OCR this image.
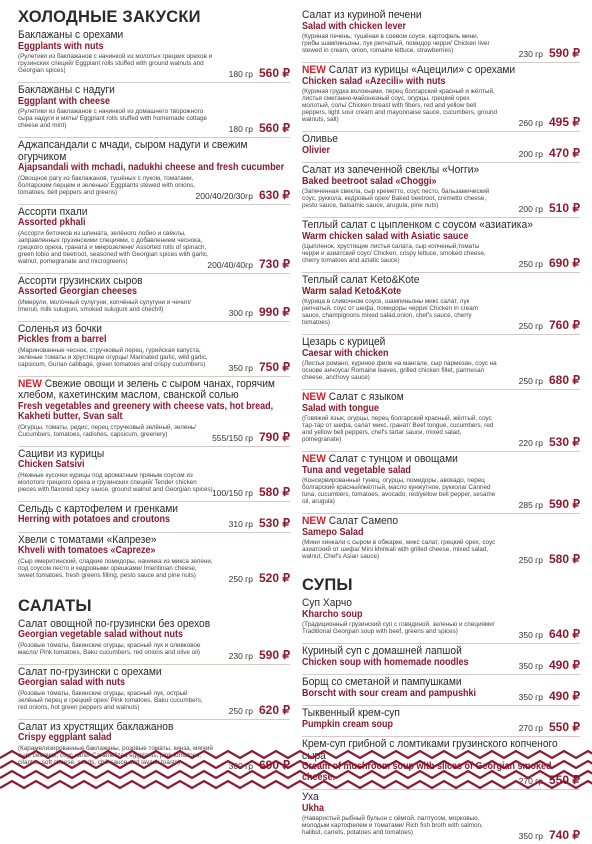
ХОЛОДНЫЕ ЗАКУСКИ
Баклажаны с орехами
Eggplants with nuts
(Рулетики из баклажанов с начинкой из молотых грецких орехов и грузинских специй/ Eggplant rolls stuffed with ground walnuts and Georgian spices)	180 гр 560 ₽
Баклажаны с надуги
Eggplant with cheese
(Рулетики из баклажанов с начинкой из домашнего творожного сыра надуги и мяты/ Eggplant rolls stuffed with homemade cottage cheese and mint)	180 гр 560 ₽
Аджапсандали с мчади, сыром надуги и свежим огурчиком
Ajapsandali with mchadi, nadukhi cheese and fresh cucumber
(Овощное рагу из баклажанов, тушёных с луком, томатами, болгарским перцем и зеленью/ Eggplants stewed with onions, tomatoes, bell peppers and greens)	200/40/20/30гр 630 ₽
Ассорти пхали
Assorted pkhali
(Ассорти биточков из шпината, зелёного лобио и свёклы, заправленных грузинскими специями, с добавлением чеснока, грецкого ореха, граната и микрозелени/ Assorted rolls of spinach, green lobio and beetroot, seasoned with Georgian spices with garlic, walnut, pomegranate and microgreens)	200/40/40гр 730 ₽
Ассорти грузинских сыров
Assorted Georgian cheeses
(Имерули, молочный сулугуни, копчёный сулугуни и чечил/ Imeruli, milk suluguni, smoked suluguni and chechil)	300 гр 990 ₽
Соленья из бочки
Pickles from a barrel
(Маринованные чеснок, стручковый перец, гурийская капуста, зелёные томаты и хрустящие огурцы/ Marinated garlic, wild garlic, capsicum, Gurian cabbage, green tomatoes and crispy cucumbers)	350 гр 750 ₽
NEW Свежие овощи и зелень с сыром чанах, горячим хлебом, кахетинским маслом, сванской солью
Fresh vegetables and greenery with cheese vats, hot bread, Kakheti butter, Svan salt
(Огурцы, томаты, редис, перец стручковый зелёный, зелень/ Cucumbers, tomatoes, radishes, capsicum, greenery)	555/150 гр 790 ₽
Сациви из курицы
Chicken Satsivi
(Нежные кусочки курицы под ароматным пряным соусом из молотого грецкого ореха и грузинских специй/ Tender chicken pieces with flavored spicy sauce, ground walnut and Georgian spices) 100/150 гр 580 ₽
Сельдь с картофелем и гренками
Herring with potatoes and croutons	310 гр 530 ₽
Хвели с томатами «Капрезе»
Khveli with tomatoes «Capreze»
(Сыр имеритинский, сладкие помидоры, начинка из микса зелени, под соусом песто и кедровыми орешками/ Imeritinian cheese, sweet tomatoes, fresh greens filling, pesto sauce and pine nuts)	250 гр 520 ₽
САЛАТЫ
Салат овощной по-грузински без орехов
Georgian vegetable salad without nuts
(Розовые томаты, бакинские огурцы, красный лук и оливковое масло/ Pink tomatoes, Baku cucumbers, red onions and olive oil)	230 гр 590 ₽
Салат по-грузински с орехами
Georgian salad with nuts
(Розовые томаты, бакинские огурцы, красный лук, острый зелёный перец и грецкий орех/ Pink tomatoes, Baku cucumbers, red onions, hot green peppers and walnuts)	250 гр 620 ₽
Салат из хрустящих баклажанов
Crispy eggplant salad
(Карамелизированные баклажаны, розовые томаты, кинза, мягкий сыр, семечки, соус чили/ Caramelized eggplants, pink tomatoes, cilantro, soft cheese, seeds, chili sauce and lavash toasts)	300 гр 690 ₽
Салат из куриной печени
Salad with chicken lever
(Куриная печень, тушёная в соевом соусе, картофель мини, грибы шампиньоны, лук репчатый, помидор черри/ Chicken liver stewed in cream, onion, romaine lettuce, strawberries)	230 гр 590 ₽
NEW Салат из курицы «Ацецили» с орехами
Chicken salad «Azecili» with nuts
(Куриная грудка волокнами, перец болгарский красный и жёлтый, листья сметанно-майонезный соус, огурцы, грецкий орех молотый, соль/ Chicken breast with fibers, red and yellow bell peppers, light sour cream and mayonnaise sauce, cucumbers, ground walnuts, salt)	260 гр 495 ₽
Оливье
Olivier	200 гр 470 ₽
Салат из запеченной свеклы «Чогги»
Baked beetroot salad «Choggi»
(Запеченная свекла, сыр креметто, соус песто, бальзамический соус, руккола, кедровый орех/ Baked beetroot, crеmetto cheese, pesto sauce, balsamic sauce, arugula, pine nuts)	200 гр 510 ₽
Теплый салат с цыпленком с соусом «азиатика»
Warm chicken salad with Asiatic sauce
(Цыпленок, хрустящие листья салата, сыр копченый,томаты черри и азиатский соус/ Chicken, crispy lettuce, smoked cheese, cherry tomatoes and aziatic sauce)	250 гр 690 ₽
Теплый салат Keto&Kote
Warm salad Keto&Kote
(Курица в сливочном соусе, шампиньоны микс салат, лук репчатый, соус от шефа, помидоры черри/ Chicken in cream sauce, champignons mixed salad,onion, chef's sauce, cherry tomatoes)	250 гр 760 ₽
Цезарь с курицей
Caesar with chicken
(Листья романо, куриное филе на мангале, сыр пармезан, соус на основе анчоуса/ Romaine leaves, grilled chicken fillet, parmesan cheese, anchovy sauce)	250 гр 680 ₽
NEW Салат с языком
Salad with tongue
(Говяжий язык, огурцы, перец болгарский красный, жёлтый, соус тар-тар от шефа, салат микс, гранат/ Beef tongue, cucumbers, red and yellow bell peppers, chef's tartar sauce, mixed salad, pomegranate)	220 гр 530 ₽
NEW Салат с тунцом и овощами
Tuna and vegetable salad
(Консервированный тунец, огурцы, помидоры, авокадо, перец болгарский красный/жёлтый, масло кунжутное, руккола/ Canned tuna, cucumbers, tomatoes, avocado, red/yellow bell pepper, sesame oil, arugula)	285 гр 590 ₽
NEW Салат Самепо
Samepo Salad
(Мини хинкали с сыром в обжарке, микс салат, грецкий орех, соус азиатский от шефа/ Mini khinkali with grilled cheese, mixed salad, walnut, Chef's Asian sauce)	250 гр 580 ₽
СУПЫ
Суп Харчо
Kharcho soup
(Традиционный грузинский суп с говядиной, зеленью и специями/ Traditional Georgian soup with beef, greens and spices)	350 гр 640 ₽
Куриный суп с домашней лапшой
Chicken soup with homemade noodles	350 гр 490 ₽
Борщ со сметаной и пампушками
Borscht with sour cream and pampushki	350 гр 490 ₽
Тыквенный крем-суп
Pumpkin cream soup	270 гр 550 ₽
Крем-суп грибной с ломтиками грузинского копченого сыра
Cream of mushroom soup with slices of Georgian smoked cheese.	270 гр 550 ₽
Уха
Ukha
(Наваристый рыбный бульон с сёмгой, палтусом, морковью, молодым картофелем и томатами/ Rich fish broth with salmon, halibut, carrets, potatoes and tomatoes)	350 гр 740 ₽
